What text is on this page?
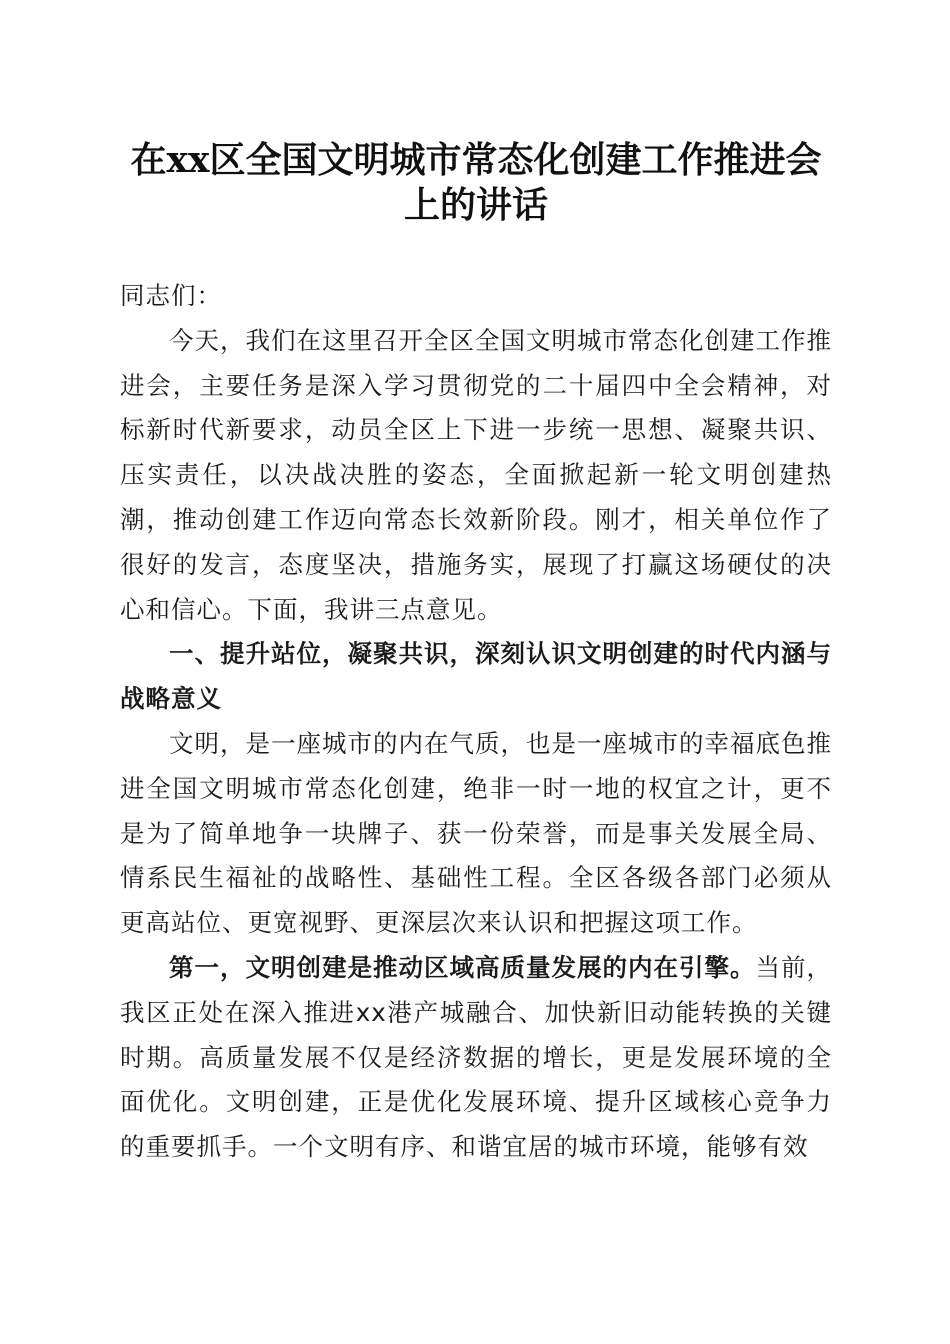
在xx区全国文明城市常态化创建工作推进会
上的讲话

同志们：

今天，我们在这里召开全区全国文明城市常态化创建工作推进会，主要任务是深入学习贯彻党的二十届四中全会精神，对标新时代新要求，动员全区上下进一步统一思想、凝聚共识、压实责任，以决战决胜的姿态，全面掀起新一轮文明创建热潮，推动创建工作迈向常态长效新阶段。刚才，相关单位作了很好的发言，态度坚决，措施务实，展现了打赢这场硬仗的决心和信心。下面，我讲三点意见。

一、提升站位，凝聚共识，深刻认识文明创建的时代内涵与战略意义

文明，是一座城市的内在气质，也是一座城市的幸福底色推进全国文明城市常态化创建，绝非一时一地的权宜之计，更不是为了简单地争一块牌子、获一份荣誉，而是事关发展全局、情系民生福祉的战略性、基础性工程。全区各级各部门必须从更高站位、更宽视野、更深层次来认识和把握这项工作。

第一，文明创建是推动区域高质量发展的内在引擎。当前，我区正处在深入推进xx港产城融合、加快新旧动能转换的关键时期。高质量发展不仅是经济数据的增长，更是发展环境的全面优化。文明创建，正是优化发展环境、提升区域核心竞争力的重要抓手。一个文明有序、和谐宜居的城市环境，能够有效
